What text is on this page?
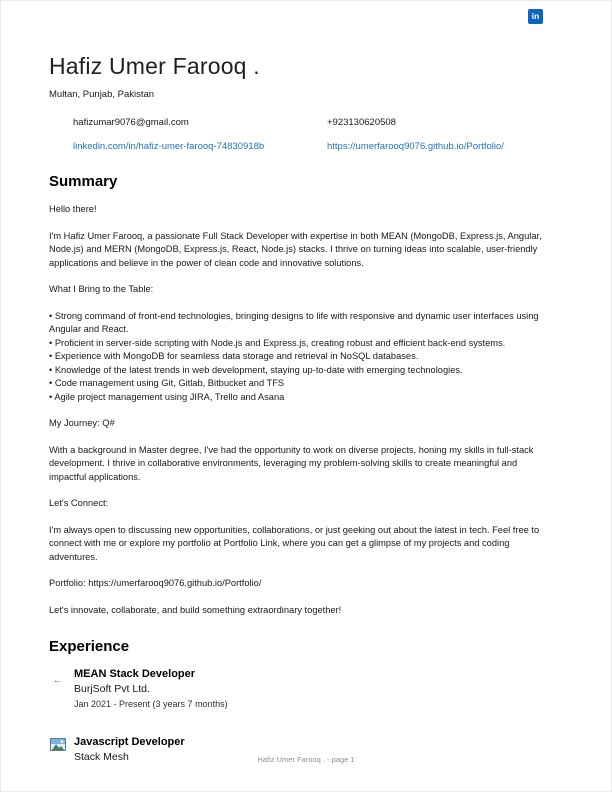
in
Hafiz Umer Farooq .
Multan, Punjab, Pakistan
hafizumar9076@gmail.com	+923130620508
linkedin.com/in/hafiz-umer-farooq-74830918b	https://umerfarooq9076.github.io/Portfolio/
Summary

Hello there!

I'm Hafiz Umer Farooq, a passionate Full Stack Developer with expertise in both MEAN (MongoDB, Express.js, Angular, Node.js) and MERN (MongoDB, Express.js, React, Node.js) stacks. I thrive on turning ideas into scalable, user-friendly applications and believe in the power of clean code and innovative solutions.

What I Bring to the Table:

• Strong command of front-end technologies, bringing designs to life with responsive and dynamic user interfaces using Angular and React.

• Proficient in server-side scripting with Node.js and Express.js, creating robust and efficient back-end systems.

• Experience with MongoDB for seamless data storage and retrieval in NoSQL databases.

• Knowledge of the latest trends in web development, staying up-to-date with emerging technologies.

• Code management using Git, Gitlab, Bitbucket and TFS

• Agile project management using JIRA, Trello and Asana

My Journey: Q#

With a background in Master degree, I've had the opportunity to work on diverse projects, honing my skills in full-stack development. I thrive in collaborative environments, leveraging my problem-solving skills to create meaningful and impactful applications.

Let's Connect:

I'm always open to discussing new opportunities, collaborations, or just geeking out about the latest in tech. Feel free to connect with me or explore my portfolio at Portfolio Link, where you can get a glimpse of my projects and coding adventures.

Portfolio: https://umerfarooq9076.github.io/Portfolio/

Let's innovate, collaborate, and build something extraordinary together!

Experience
← MEAN Stack Developer
BurjSoft Pvt Ltd.
Jan 2021 - Present (3 years 7 months)
Javascript Developer
Stack Mesh	Hafiz Umer Farooq . - page 1
